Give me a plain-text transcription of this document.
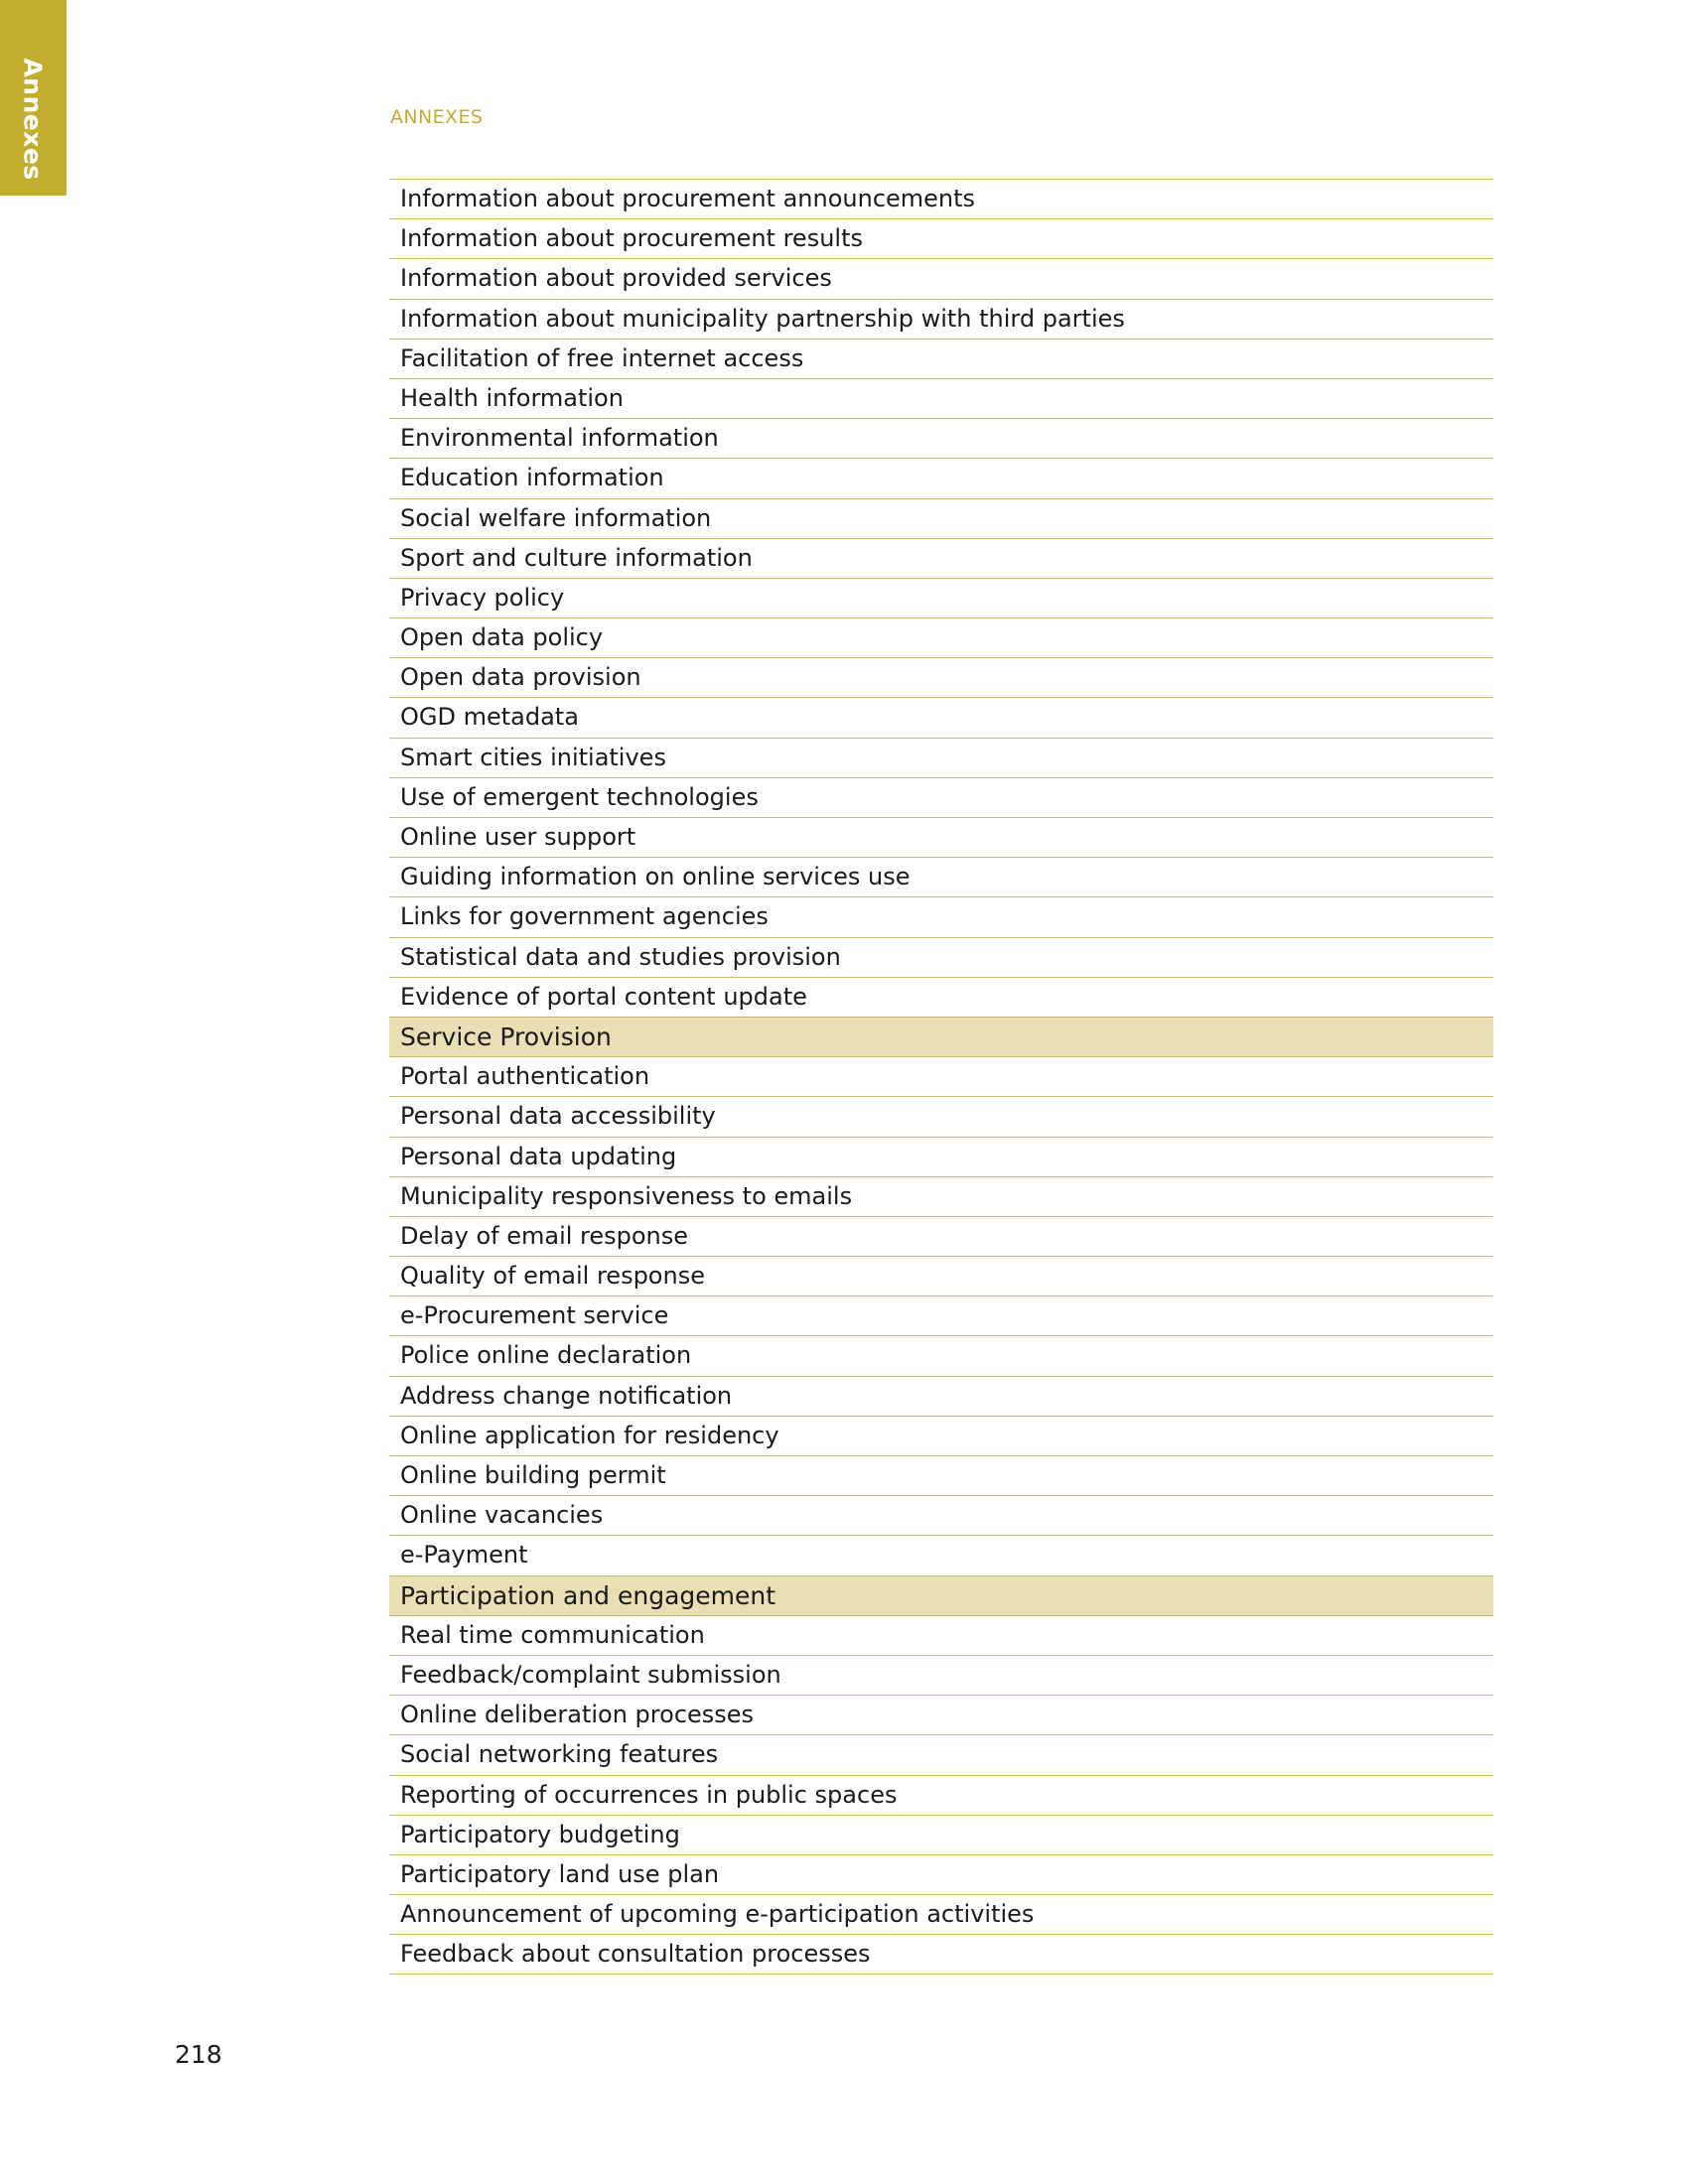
Annexes	ANNEXES
Information about procurement announcements
Information about procurement results
Information about provided services
Information about municipality partnership with third parties
Facilitation of free internet access
Health information
Environmental information
Education information
Social welfare information
Sport and culture information
Privacy policy
Open data policy
Open data provision
OGD metadata
Smart cities initiatives
Use of emergent technologies
Online user support
Guiding information on online services use
Links for government agencies
Statistical data and studies provision
Evidence of portal content update
Service Provision
Portal authentication
Personal data accessibility
Personal data updating
Municipality responsiveness to emails
Delay of email response
Quality of email response
e-Procurement service
Police online declaration
Address change notification
Online application for residency
Online building permit
Online vacancies
e-Payment
Participation and engagement
Real time communication
Feedback/complaint submission
Online deliberation processes
Social networking features
Reporting of occurrences in public spaces
Participatory budgeting
Participatory land use plan
Announcement of upcoming e-participation activities
Feedback about consultation processes
218
